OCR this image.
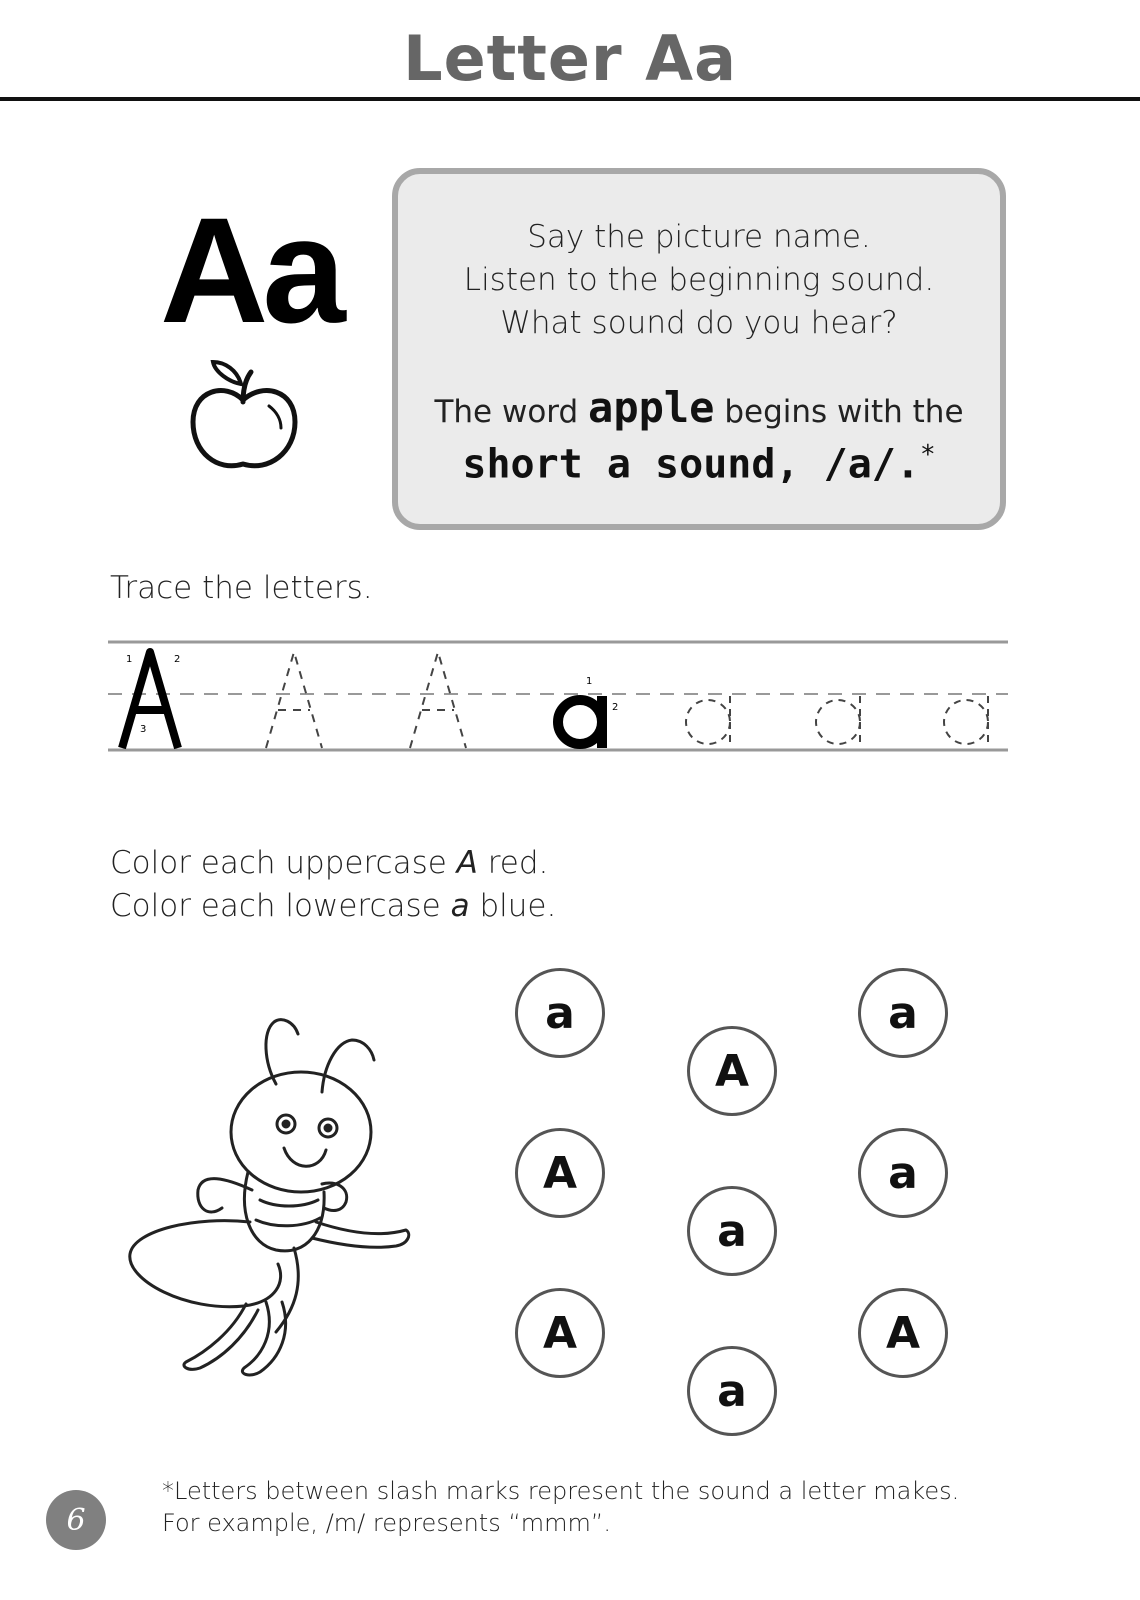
Letter Aa
Aa	Say the picture name.
Listen to the beginning sound.
What sound do you hear?
The word apple begins with the
short a sound, /a/.*
Trace the letters.
1	2
3
1
2
Color each uppercase A red.
Color each lowercase a blue.
a	a
A
A	a
a
A	A
a
6
*Letters between slash marks represent the sound a letter makes.
For example, /m/ represents “mmm”.
